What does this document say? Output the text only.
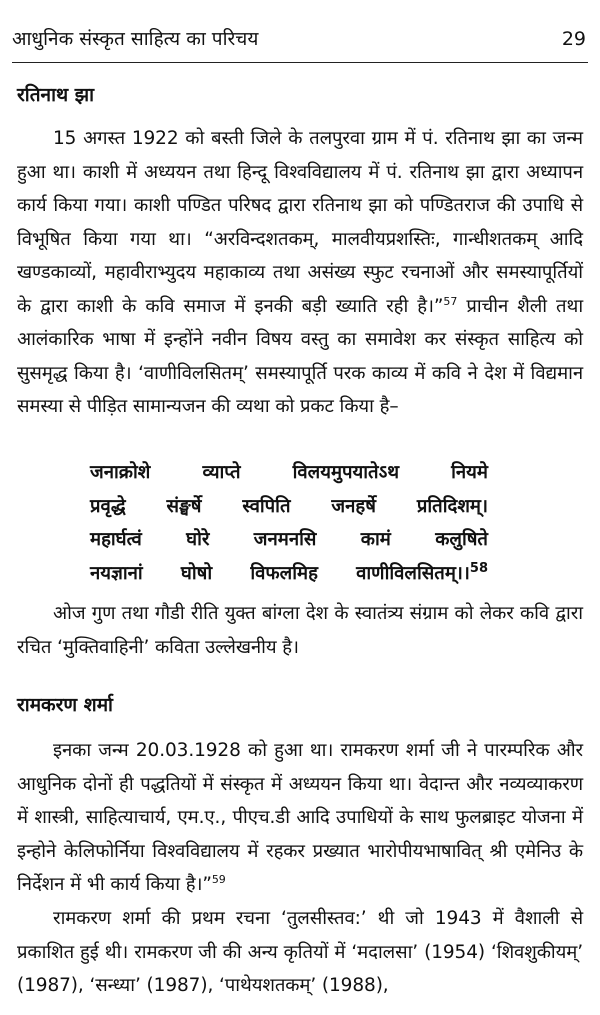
आधुनिक संस्कृत साहित्य का परिचय	29
रतिनाथ झा

15 अगस्त 1922 को बस्ती जिले के तलपुरवा ग्राम में पं. रतिनाथ झा का जन्म हुआ था। काशी में अध्ययन तथा हिन्दू विश्वविद्यालय में पं. रतिनाथ झा द्वारा अध्यापन कार्य किया गया। काशी पण्डित परिषद द्वारा रतिनाथ झा को पण्डितराज की उपाधि से विभूषित किया गया था। “अरविन्दशतकम्, मालवीयप्रशस्तिः, गान्धीशतकम् आदि खण्डकाव्यों, महावीराभ्युदय महाकाव्य तथा असंख्य स्फुट रचनाओं और समस्यापूर्तियों के द्वारा काशी के कवि समाज में इनकी बड़ी ख्याति रही है।”$^{57}$ प्राचीन शैली तथा आलंकारिक भाषा में इन्होंने नवीन विषय वस्तु का समावेश कर संस्कृत साहित्य को सुसमृद्ध किया है। ‘वाणीविलसितम्’ समस्यापूर्ति परक काव्य में कवि ने देश में विद्यमान समस्या से पीड़ित सामान्यजन की व्यथा को प्रकट किया है–

जनाक्रोशे	व्याप्ते	विलयमुपयातेऽथ	नियमे
प्रवृद्धे संङ्घर्षे स्वपिति जनहर्षे प्रतिदिशम्।
महार्घत्वं घोरे जनमनसि कामं कलुषिते
नयज्ञानां घोषो विफलमिह वाणीविलसितम्।।$^{58}$

ओज गुण तथा गौडी रीति युक्त बांग्ला देश के स्वातंत्र्य संग्राम को लेकर कवि द्वारा रचित ‘मुक्तिवाहिनी’ कविता उल्लेखनीय है।

रामकरण शर्मा

इनका जन्म 20.03.1928 को हुआ था। रामकरण शर्मा जी ने पारम्परिक और आधुनिक दोनों ही पद्धतियों में संस्कृत में अध्ययन किया था। वेदान्त और नव्यव्याकरण में शास्त्री, साहित्याचार्य, एम.ए., पीएच.डी आदि उपाधियों के साथ फुलब्राइट योजना में इन्होने केलिफोर्निया विश्वविद्यालय में रहकर प्रख्यात भारोपीयभाषावित् श्री एमेनिउ के निर्देशन में भी कार्य किया है।”$^{59}$

रामकरण शर्मा की प्रथम रचना ‘तुलसीस्तव:’ थी जो 1943 में वैशाली से प्रकाशित हुई थी। रामकरण जी की अन्य कृतियों में ‘मदालसा’ (1954) ‘शिवशुकीयम्’ (1987), ‘सन्ध्या’ (1987), ‘पाथेयशतकम्’ (1988),
